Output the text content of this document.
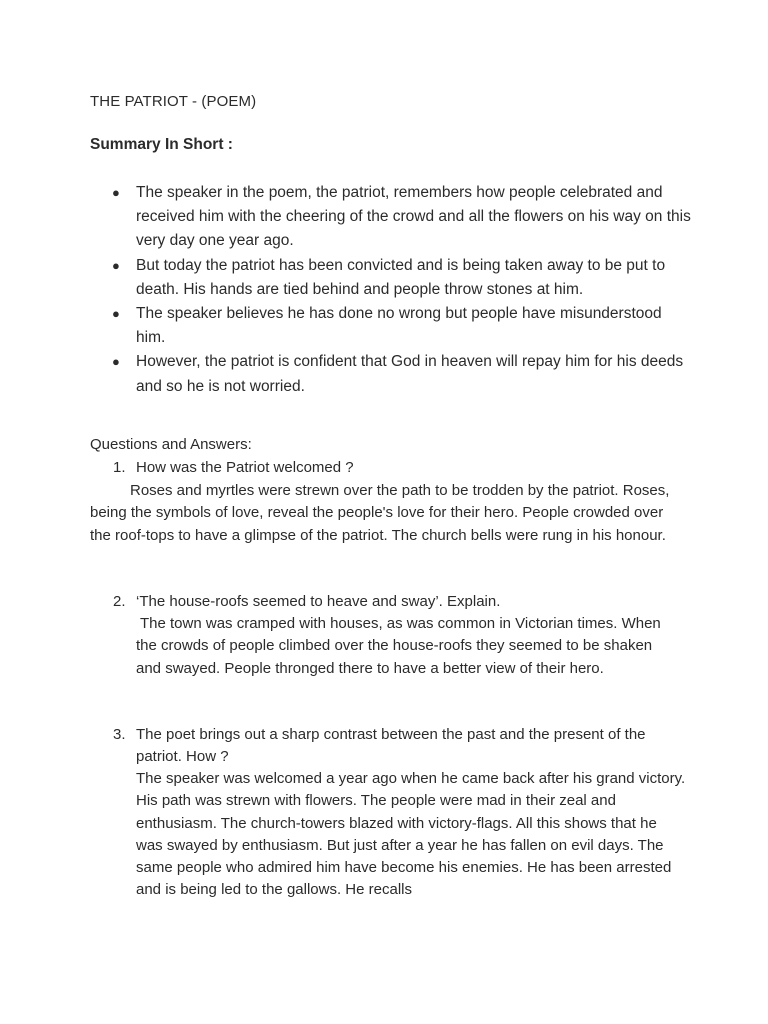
THE PATRIOT - (POEM)
Summary In Short :
● The speaker in the poem, the patriot, remembers how people celebrated and received him with the cheering of the crowd and all the flowers on his way on this very day one year ago.
● But today the patriot has been convicted and is being taken away to be put to death. His hands are tied behind and people throw stones at him.
● The speaker believes he has done no wrong but people have misunderstood him.
● However, the patriot is confident that God in heaven will repay him for his deeds and so he is not worried.
Questions and Answers:
1. How was the Patriot welcomed ?
Roses and myrtles were strewn over the path to be trodden by the patriot. Roses, being the symbols of love, reveal the people's love for their hero. People crowded over the roof-tops to have a glimpse of the patriot. The church bells were rung in his honour.
2. ‘The house-roofs seemed to heave and sway’. Explain.
The town was cramped with houses, as was common in Victorian times. When the crowds of people climbed over the house-roofs they seemed to be shaken and swayed. People thronged there to have a better view of their hero.
3. The poet brings out a sharp contrast between the past and the present of the patriot. How ?
The speaker was welcomed a year ago when he came back after his grand victory. His path was strewn with flowers. The people were mad in their zeal and enthusiasm. The church-towers blazed with victory-flags. All this shows that he was swayed by enthusiasm. But just after a year he has fallen on evil days. The same people who admired him have become his enemies. He has been arrested and is being led to the gallows. He recalls
